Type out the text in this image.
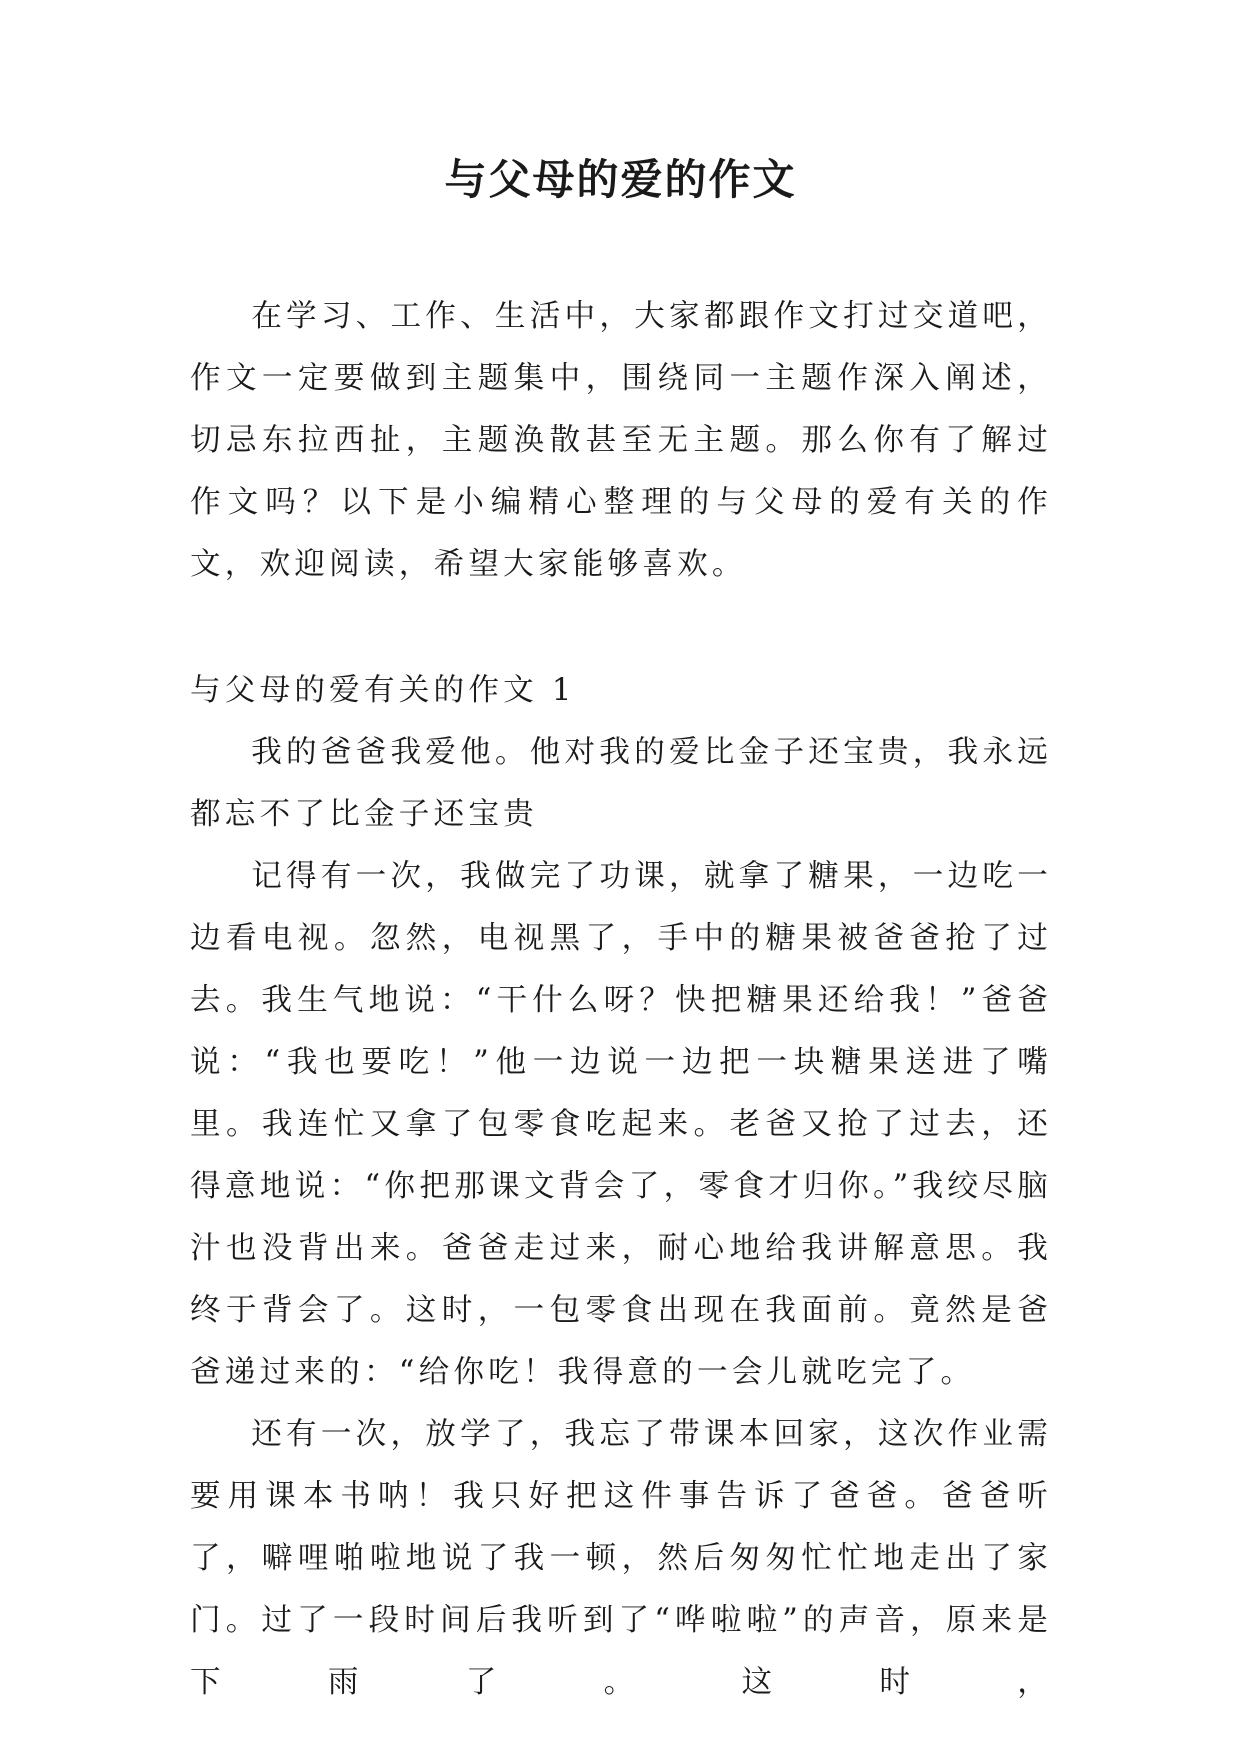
与父母的爱的作文

在学习、工作、生活中，大家都跟作文打过交道吧，作文一定要做到主题集中，围绕同一主题作深入阐述，切忌东拉西扯，主题涣散甚至无主题。那么你有了解过作文吗？以下是小编精心整理的与父母的爱有关的作文，欢迎阅读，希望大家能够喜欢。

与父母的爱有关的作文 1

我的爸爸我爱他。他对我的爱比金子还宝贵，我永远都忘不了比金子还宝贵

记得有一次，我做完了功课，就拿了糖果，一边吃一边看电视。忽然，电视黑了，手中的糖果被爸爸抢了过去。我生气地说：“干什么呀？快把糖果还给我！”爸爸说：“我也要吃！”他一边说一边把一块糖果送进了嘴里。我连忙又拿了包零食吃起来。老爸又抢了过去，还得意地说：“你把那课文背会了，零食才归你。”我绞尽脑汁也没背出来。爸爸走过来，耐心地给我讲解意思。我终于背会了。这时，一包零食出现在我面前。竟然是爸爸递过来的：“给你吃！我得意的一会儿就吃完了。

还有一次，放学了，我忘了带课本回家，这次作业需要用课本书呐！我只好把这件事告诉了爸爸。爸爸听了，噼哩啪啦地说了我一顿，然后匆匆忙忙地走出了家门。过了一段时间后我听到了“哗啦啦”的声音，原来是下雨了。这时，
